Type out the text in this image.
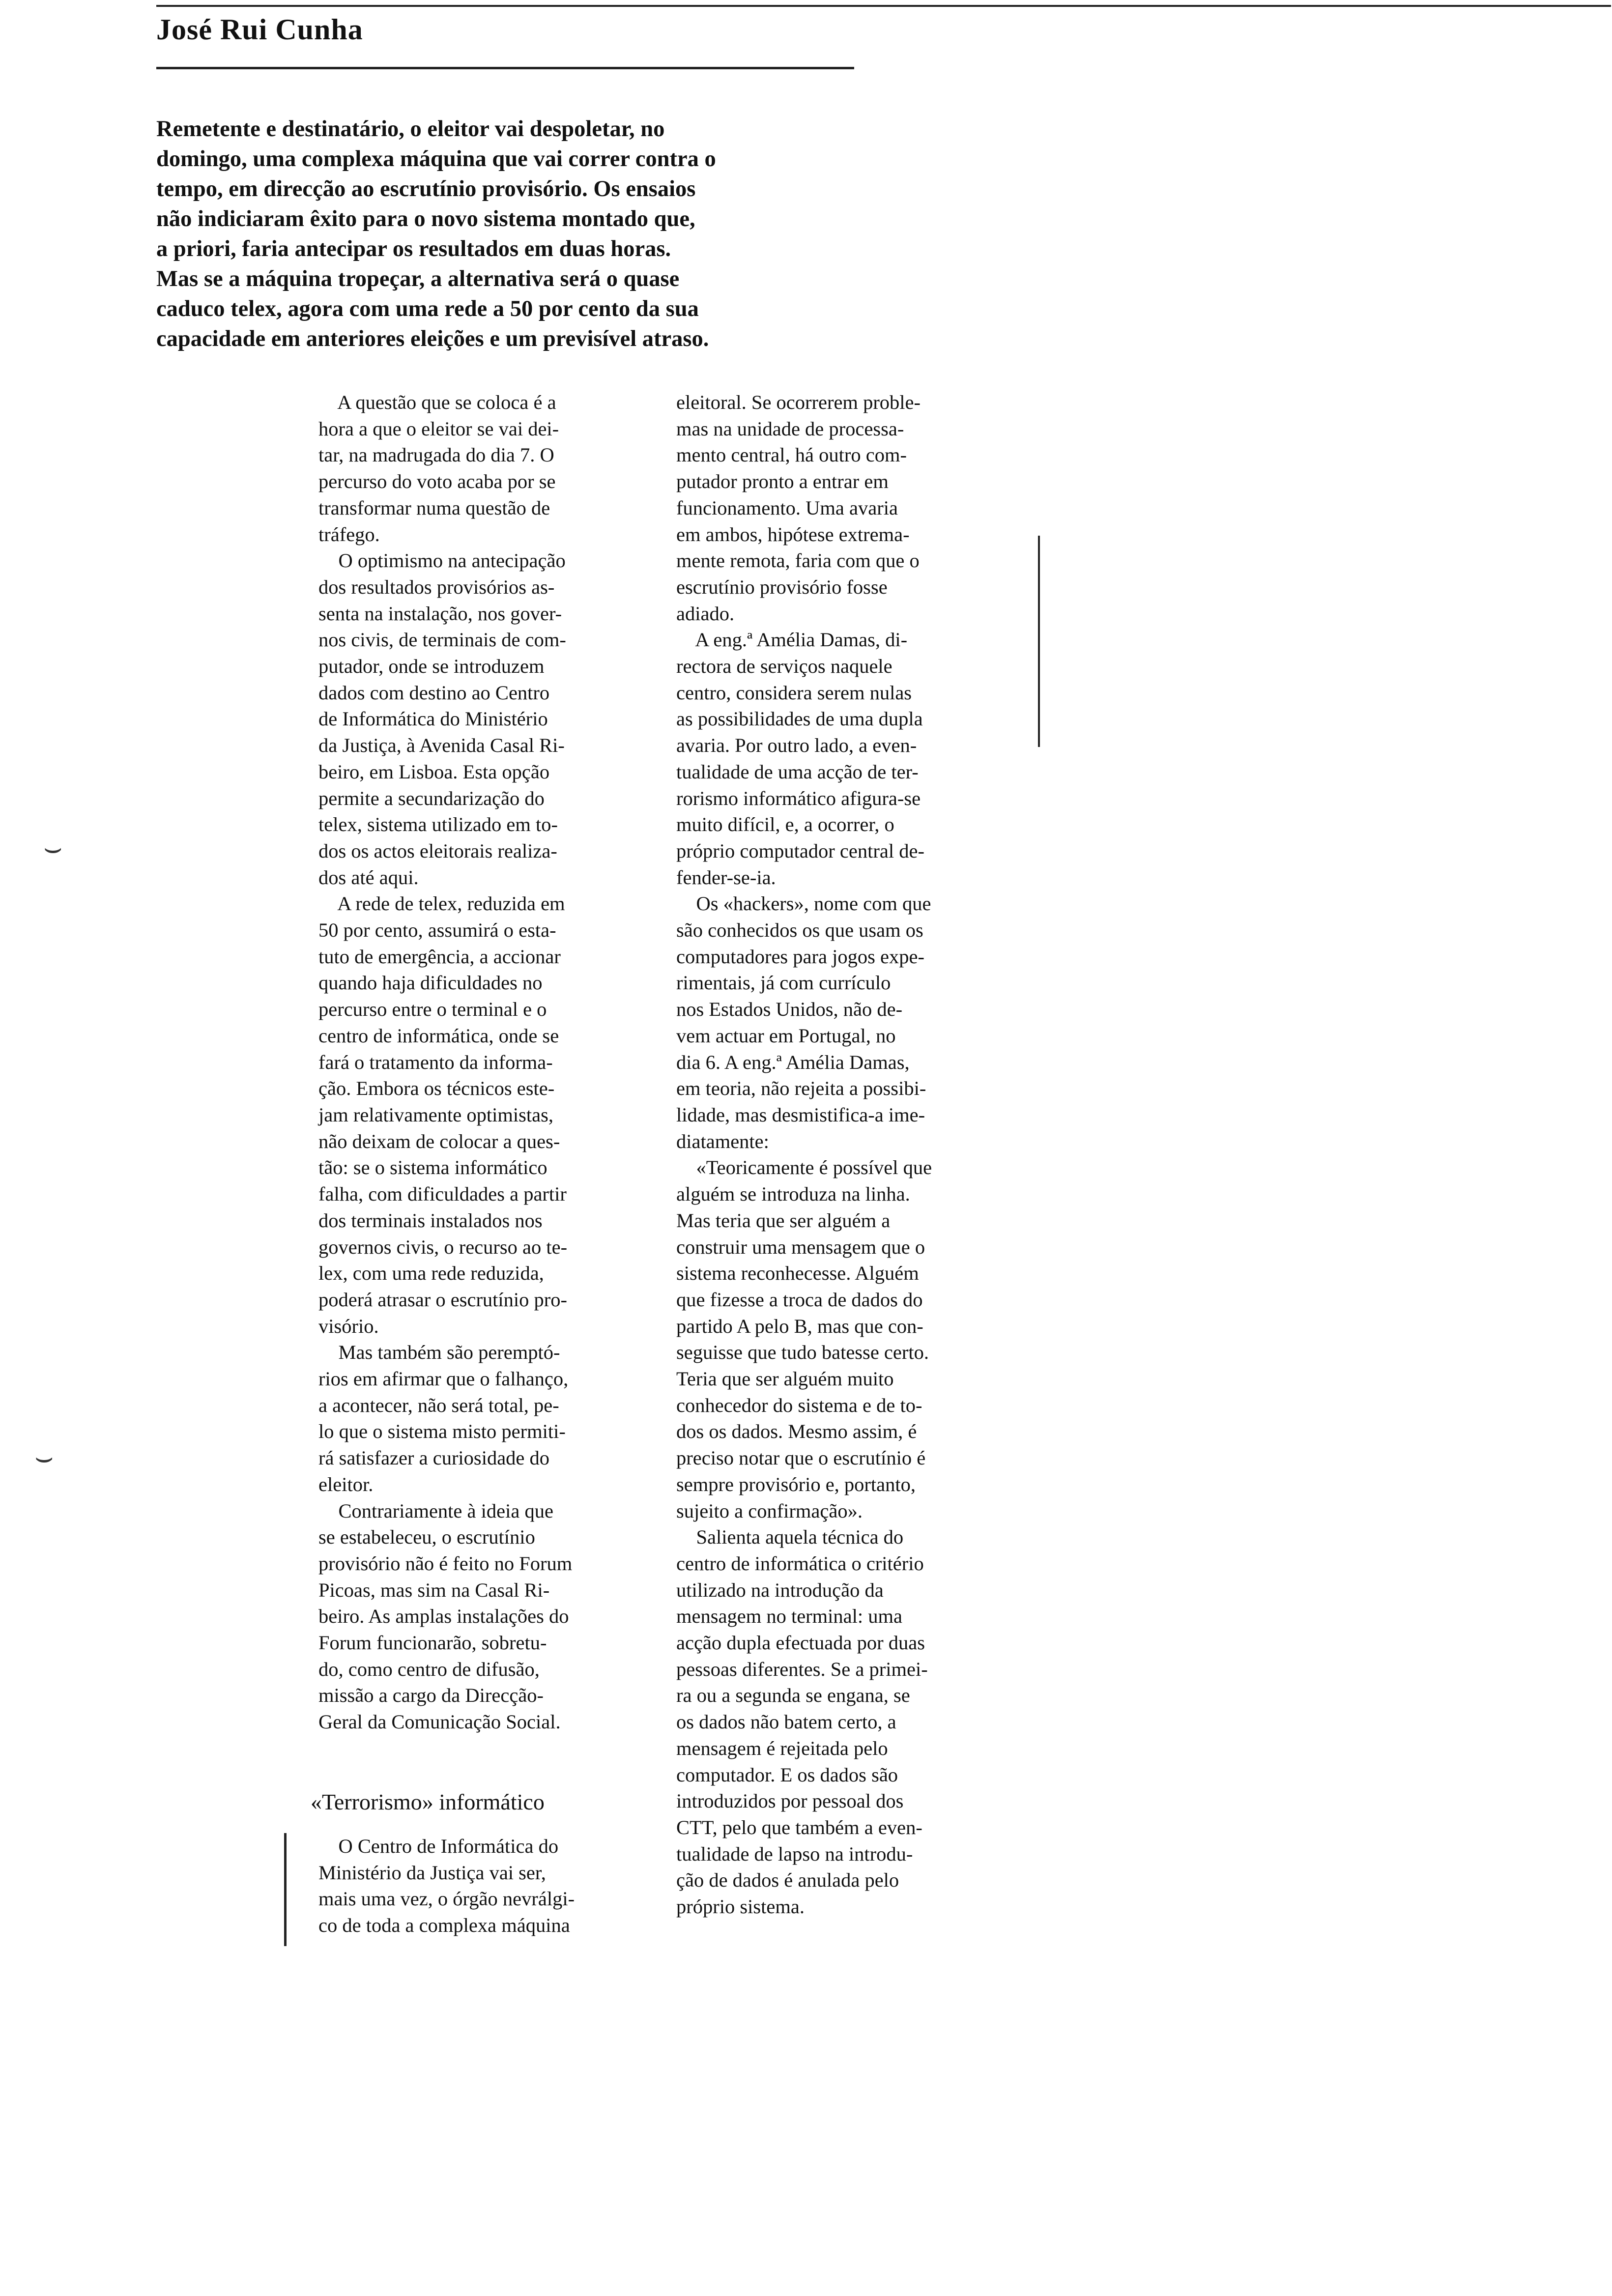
José Rui Cunha

Remetente e destinatário, o eleitor vai despoletar, no

domingo, uma complexa máquina que vai correr contra o

tempo, em direcção ao escrutínio provisório. Os ensaios

não indiciaram êxito para o novo sistema montado que,

a priori, faria antecipar os resultados em duas horas.

Mas se a máquina tropeçar, a alternativa será o quase

caduco telex, agora com uma rede a 50 por cento da sua

capacidade em anteriores eleições e um previsível atraso.

A questão que se coloca é a

hora a que o eleitor se vai dei-

tar, na madrugada do dia 7. O

percurso do voto acaba por se

transformar numa questão de

tráfego.

O optimismo na antecipação

dos resultados provisórios as-

senta na instalação, nos gover-

nos civis, de terminais de com-

putador, onde se introduzem

dados com destino ao Centro

de Informática do Ministério

da Justiça, à Avenida Casal Ri-

beiro, em Lisboa. Esta opção

permite a secundarização do

telex, sistema utilizado em to-

dos os actos eleitorais realiza-

dos até aqui.

A rede de telex, reduzida em

50 por cento, assumirá o esta-

tuto de emergência, a accionar

quando haja dificuldades no

percurso entre o terminal e o

centro de informática, onde se

fará o tratamento da informa-

ção. Embora os técnicos este-

jam relativamente optimistas,

não deixam de colocar a ques-

tão: se o sistema informático

falha, com dificuldades a partir

dos terminais instalados nos

governos civis, o recurso ao te-

lex, com uma rede reduzida,

poderá atrasar o escrutínio pro-

visório.

Mas também são peremptó-

rios em afirmar que o falhanço,

a acontecer, não será total, pe-

lo que o sistema misto permiti-

rá satisfazer a curiosidade do

eleitor.

Contrariamente à ideia que

se estabeleceu, o escrutínio

provisório não é feito no Forum

Picoas, mas sim na Casal Ri-

beiro. As amplas instalações do

Forum funcionarão, sobretu-

do, como centro de difusão,

missão a cargo da Direcção-

Geral da Comunicação Social.

«Terrorismo» informático

O Centro de Informática do

Ministério da Justiça vai ser,

mais uma vez, o órgão nevrálgi-

co de toda a complexa máquina

eleitoral. Se ocorrerem proble-

mas na unidade de processa-

mento central, há outro com-

putador pronto a entrar em

funcionamento. Uma avaria

em ambos, hipótese extrema-

mente remota, faria com que o

escrutínio provisório fosse

adiado.

A eng.ª Amélia Damas, di-

rectora de serviços naquele

centro, considera serem nulas

as possibilidades de uma dupla

avaria. Por outro lado, a even-

tualidade de uma acção de ter-

rorismo informático afigura-se

muito difícil, e, a ocorrer, o

próprio computador central de-

fender-se-ia.

Os «hackers», nome com que

são conhecidos os que usam os

computadores para jogos expe-

rimentais, já com currículo

nos Estados Unidos, não de-

vem actuar em Portugal, no

dia 6. A eng.ª Amélia Damas,

em teoria, não rejeita a possibi-

lidade, mas desmistifica-a ime-

diatamente:

«Teoricamente é possível que

alguém se introduza na linha.

Mas teria que ser alguém a

construir uma mensagem que o

sistema reconhecesse. Alguém

que fizesse a troca de dados do

partido A pelo B, mas que con-

seguisse que tudo batesse certo.

Teria que ser alguém muito

conhecedor do sistema e de to-

dos os dados. Mesmo assim, é

preciso notar que o escrutínio é

sempre provisório e, portanto,

sujeito a confirmação».

Salienta aquela técnica do

centro de informática o critério

utilizado na introdução da

mensagem no terminal: uma

acção dupla efectuada por duas

pessoas diferentes. Se a primei-

ra ou a segunda se engana, se

os dados não batem certo, a

mensagem é rejeitada pelo

computador. E os dados são

introduzidos por pessoal dos

CTT, pelo que também a even-

tualidade de lapso na introdu-

ção de dados é anulada pelo

próprio sistema.

⌣
⌣
